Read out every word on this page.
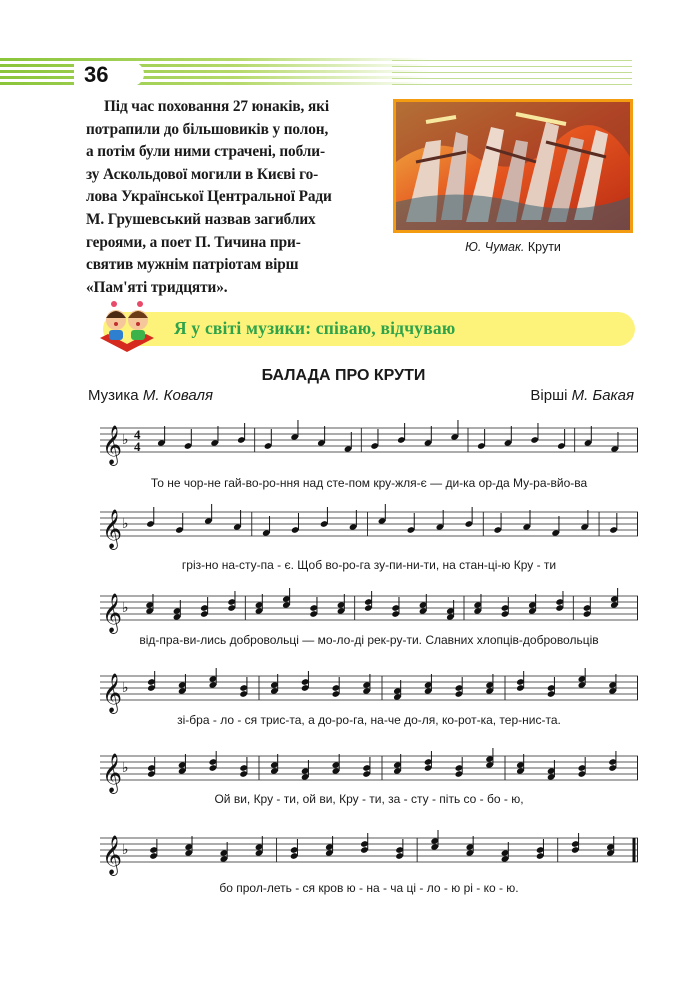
36
Під час поховання 27 юнаків, які
потрапили до більшовиків у полон,
а потім були ними страчені, побли-
зу Аскольдової могили в Києві го-
лова Української Центральної Ради
М. Грушевський назвав загиблих
героями, а поет П. Тичина при-
святив мужнім патріотам вірш
«Пам'яті тридцяти».
Ю. Чумак. Крути
Я у світі музики: співаю, відчуваю
БАЛАДА ПРО КРУТИ
Музика М. Коваля	Вірші М. Бакая
𝄞 ♭ 4
4
То не чор-не гай-во-ро-ння над сте-пом кру-жля-є — ди-ка ор-да Му-ра-вйо-ва
𝄞 ♭
гріз-но на-сту-па - є. Щоб во-ро-га зу-пи-ни-ти, на стан-ці-ю Кру - ти
𝄞 ♭
від-пра-ви-лись добровольці — мо-ло-ді рек-ру-ти. Славних хлопців-добровольців
𝄞 ♭
зі-бра - ло - ся трис-та, а до-ро-га, на-че до-ля, ко-рот-ка, тер-нис-та.
𝄞 ♭
Ой ви, Кру - ти, ой ви, Кру - ти, за - сту - піть со - бо - ю,
𝄞 ♭
бо прол-леть - ся кров ю - на - ча ці - ло - ю рі - ко - ю.
